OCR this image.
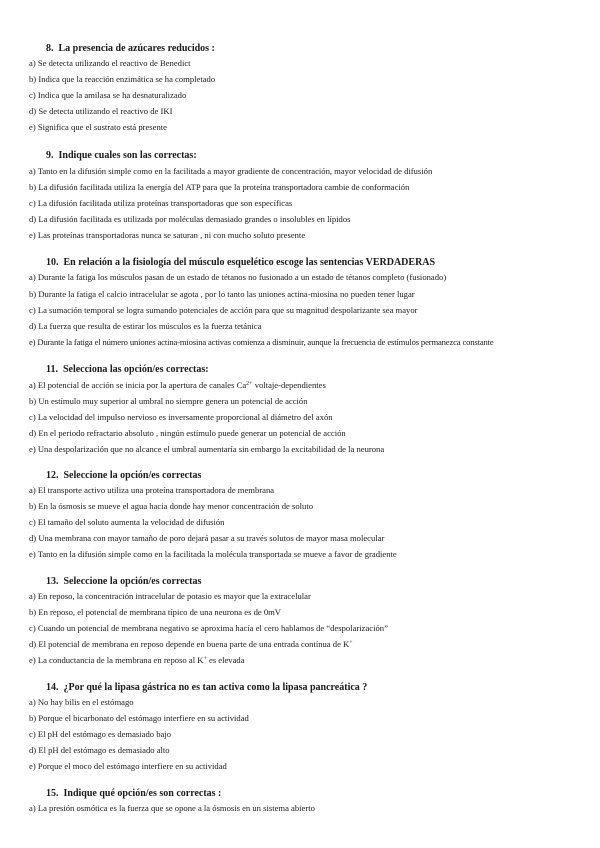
8. La presencia de azúcares reducidos :
a) Se detecta utilizando el reactivo de Benedict
b) Indica que la reacción enzimática se ha completado
c) Indica que la amilasa se ha desnaturalizado
d) Se detecta utilizando el reactivo de IKI
e) Significa que el sustrato está presente
9. Indique cuales son las correctas:
a) Tanto en la difusión simple como en la facilitada a mayor gradiente de concentración, mayor velocidad de difusión
b) La difusión facilitada utiliza la energía del ATP para que la proteína transportadora cambie de conformación
c) La difusión facilitada utiliza proteínas transportadoras que son específicas
d) La difusión facilitada es utilizada por moléculas demasiado grandes o insolubles en lípidos
e) Las proteínas transportadoras nunca se saturan , ni con mucho soluto presente
10. En relación a la fisiología del músculo esquelético escoge las sentencias VERDADERAS
a) Durante la fatiga los músculos pasan de un estado de tétanos no fusionado a un estado de tétanos completo (fusionado)
b) Durante la fatiga el calcio intracelular se agota , por lo tanto las uniones actina-miosina no pueden tener lugar
c) La sumación temporal se logra sumando potenciales de acción para que su magnitud despolarizante sea mayor
d) La fuerza que resulta de estirar los músculos es la fuerza tetánica
e) Durante la fatiga el número uniones actina-miosina activas comienza a disminuir, aunque la frecuencia de estímulos permanezca constante
11. Selecciona las opción/es correctas:
a) El potencial de acción se inicia por la apertura de canales $Ca^{2+}$ voltaje-dependientes
b) Un estímulo muy superior al umbral no siempre genera un potencial de acción
c) La velocidad del impulso nervioso es inversamente proporcional al diámetro del axón
d) En el periodo refractario absoluto , ningún estímulo puede generar un potencial de acción
e) Una despolarización que no alcance el umbral aumentaría sin embargo la excitabilidad de la neurona
12. Seleccione la opción/es correctas
a) El transporte activo utiliza una proteína transportadora de membrana
b) En la ósmosis se mueve el agua hacia donde hay menor concentración de soluto
c) El tamaño del soluto aumenta la velocidad de difusión
d) Una membrana con mayor tamaño de poro dejará pasar a su través solutos de mayor masa molecular
e) Tanto en la difusión simple como en la facilitada la molécula transportada se mueve a favor de gradiente
13. Seleccione la opción/es correctas
a) En reposo, la concentración intracelular de potasio es mayor que la extracelular
b) En reposo, el potencial de membrana típico de una neurona es de 0mV
c) Cuando un potencial de membrana negativo se aproxima hacía el cero hablamos de “despolarización”
d) El potencial de membrana en reposo depende en buena parte de una entrada contínua de K+
e) La conductancia de la membrana en reposo al K+ es elevada
14. ¿Por qué la lipasa gástrica no es tan activa como la lipasa pancreática ?
a) No hay bilis en el estómago
b) Porque el bicarbonato del estómago interfiere en su actividad
c) El pH del estómago es demasiado bajo
d) El pH del estómago es demasiado alto
e) Porque el moco del estómago interfiere en su actividad
15. Indique qué opción/es son correctas :
a) La presión osmótica es la fuerza que se opone a la ósmosis en un sistema abierto
